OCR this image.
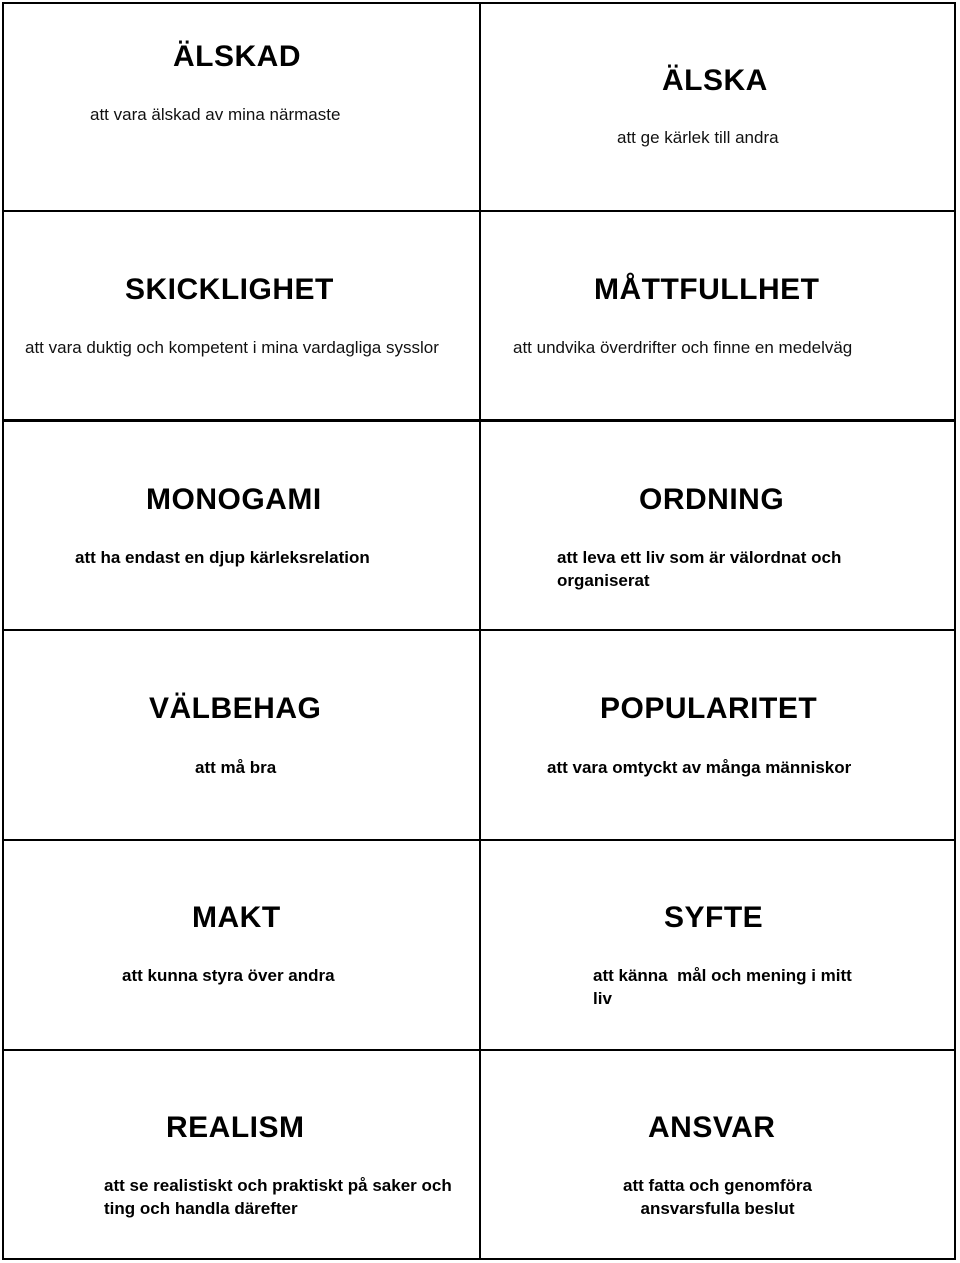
ÄLSKAD
att vara älskad av mina närmaste
ÄLSKA
att ge kärlek till andra
SKICKLIGHET
att vara duktig och kompetent i mina vardagliga sysslor
MÅTTFULLHET
att undvika överdrifter och finne en medelväg
MONOGAMI
att ha endast en djup kärleksrelation
ORDNING
att leva ett liv som är välordnat och organiserat
VÄLBEHAG
att må bra
POPULARITET
att vara omtyckt av många människor
MAKT
att kunna styra över andra
SYFTE
att känna  mål och mening i mitt liv
REALISM
att se realistiskt och praktiskt på saker och ting och handla därefter
ANSVAR
att fatta och genomföra ansvarsfulla beslut
